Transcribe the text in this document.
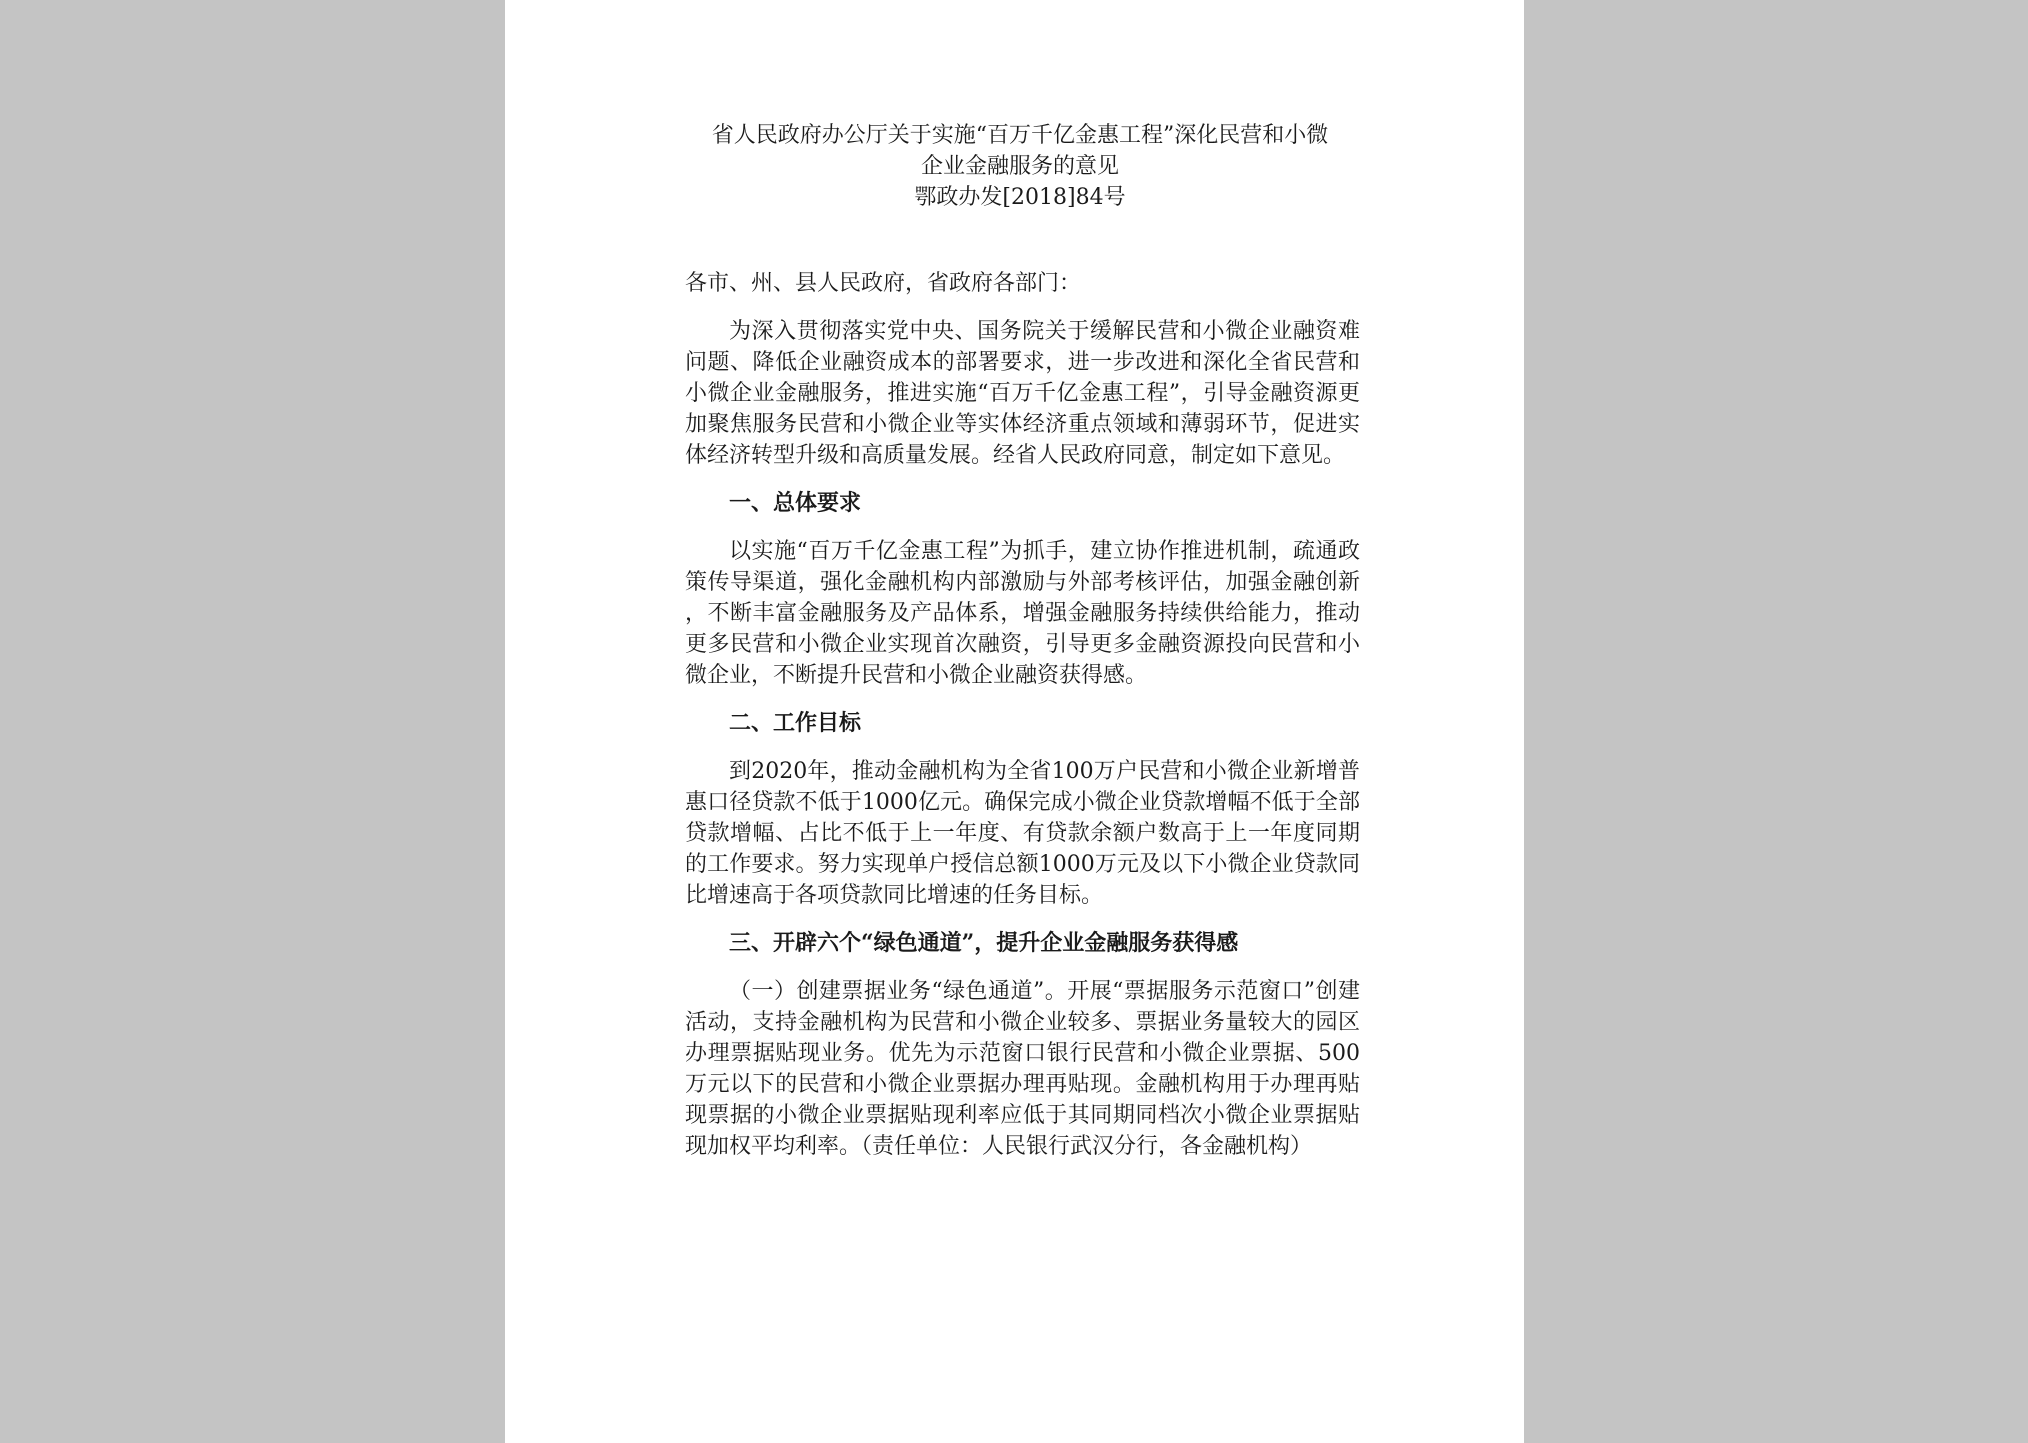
省人民政府办公厅关于实施“百万千亿金惠工程”深化民营和小微
企业金融服务的意见
鄂政办发[2018]84号

各市、州、县人民政府，省政府各部门：

为深入贯彻落实党中央、国务院关于缓解民营和小微企业融资难问题、降低企业融资成本的部署要求，进一步改进和深化全省民营和小微企业金融服务，推进实施“百万千亿金惠工程”，引导金融资源更加聚焦服务民营和小微企业等实体经济重点领域和薄弱环节，促进实体经济转型升级和高质量发展。经省人民政府同意，制定如下意见。

一、总体要求

以实施“百万千亿金惠工程”为抓手，建立协作推进机制，疏通政策传导渠道，强化金融机构内部激励与外部考核评估，加强金融创新，不断丰富金融服务及产品体系，增强金融服务持续供给能力，推动更多民营和小微企业实现首次融资，引导更多金融资源投向民营和小微企业，不断提升民营和小微企业融资获得感。

二、工作目标

到2020年，推动金融机构为全省100万户民营和小微企业新增普惠口径贷款不低于1000亿元。确保完成小微企业贷款增幅不低于全部贷款增幅、占比不低于上一年度、有贷款余额户数高于上一年度同期的工作要求。努力实现单户授信总额1000万元及以下小微企业贷款同比增速高于各项贷款同比增速的任务目标。

三、开辟六个“绿色通道”，提升企业金融服务获得感

（一）创建票据业务“绿色通道”。开展“票据服务示范窗口”创建活动，支持金融机构为民营和小微企业较多、票据业务量较大的园区办理票据贴现业务。优先为示范窗口银行民营和小微企业票据、500万元以下的民营和小微企业票据办理再贴现。金融机构用于办理再贴现票据的小微企业票据贴现利率应低于其同期同档次小微企业票据贴现加权平均利率。（责任单位：人民银行武汉分行，各金融机构）
